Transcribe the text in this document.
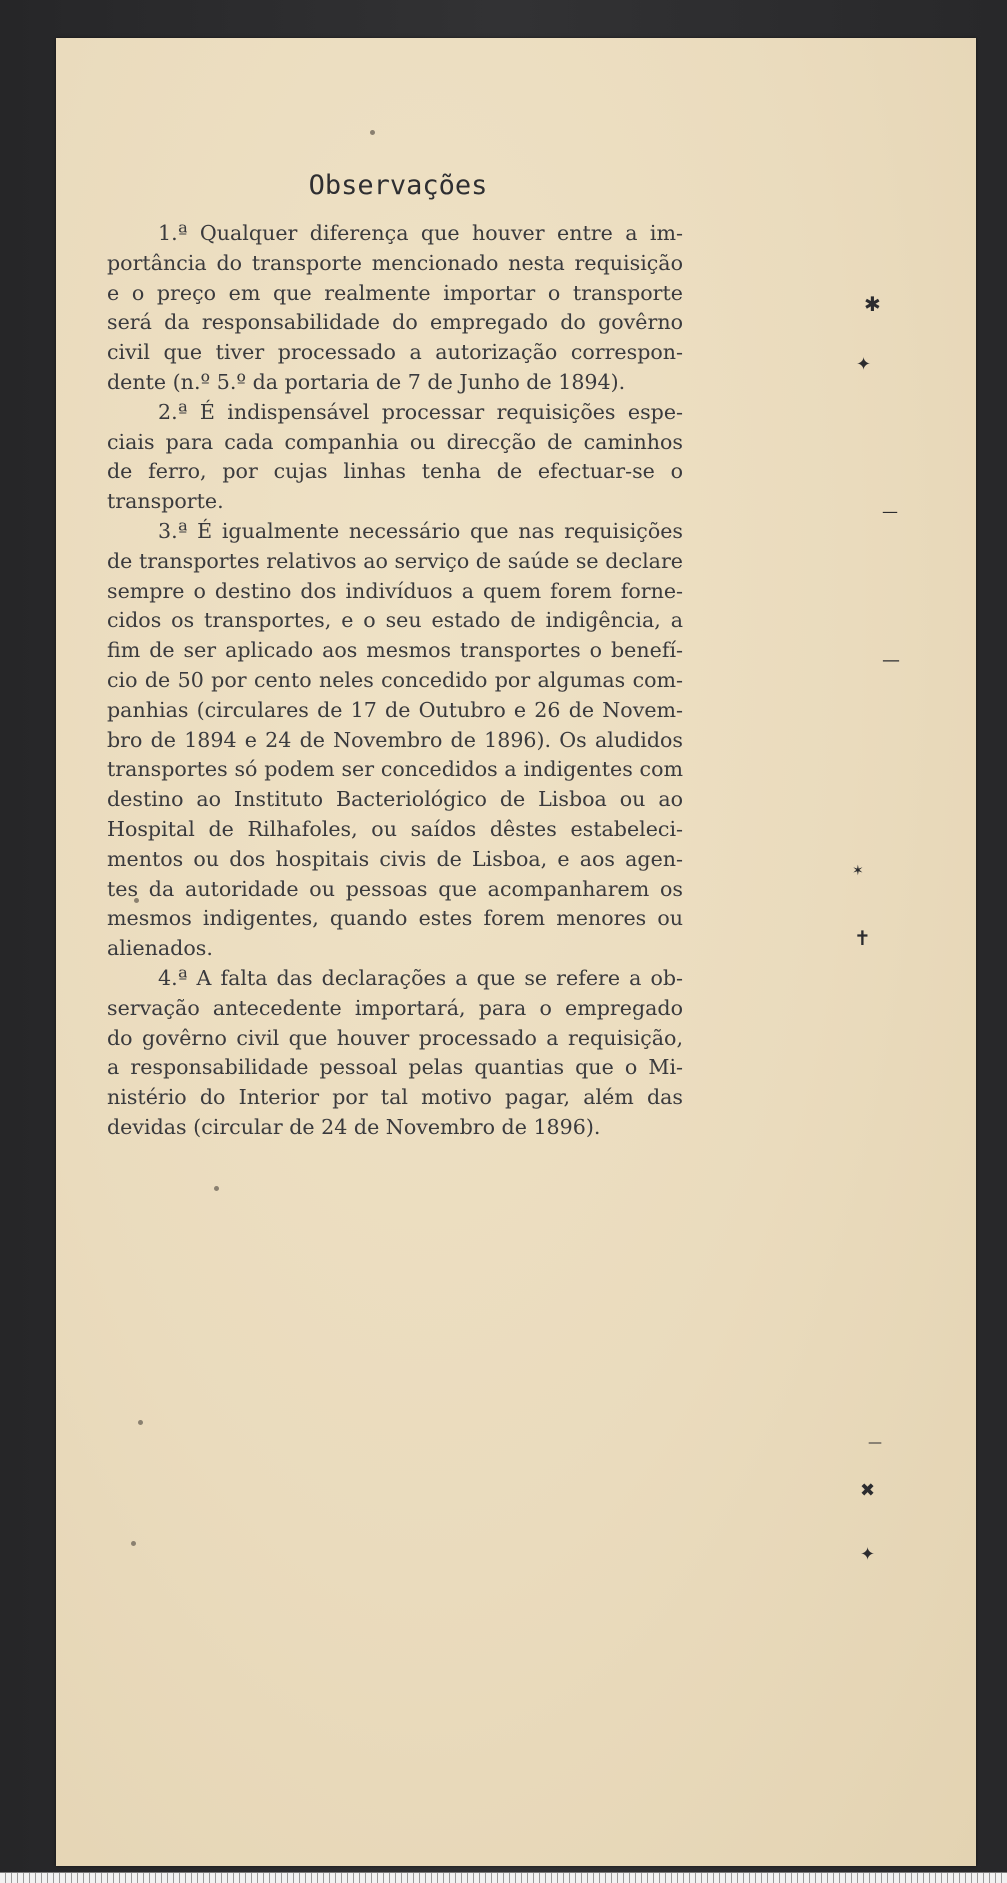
✱
✦
—
—
✶
✝
—
✖
✦
Observações
1.ª Qualquer diferença que houver entre a im-
portância do transporte mencionado nesta requisição
e o preço em que realmente importar o transporte
será da responsabilidade do empregado do govêrno
civil que tiver processado a autorização correspon-
dente (n.º 5.º da portaria de 7 de Junho de 1894).
2.ª É indispensável processar requisições espe-
ciais para cada companhia ou direcção de caminhos
de ferro, por cujas linhas tenha de efectuar-se o
transporte.
3.ª É igualmente necessário que nas requisições
de transportes relativos ao serviço de saúde se declare
sempre o destino dos indivíduos a quem forem forne-
cidos os transportes, e o seu estado de indigência, a
fim de ser aplicado aos mesmos transportes o benefí-
cio de 50 por cento neles concedido por algumas com-
panhias (circulares de 17 de Outubro e 26 de Novem-
bro de 1894 e 24 de Novembro de 1896). Os aludidos
transportes só podem ser concedidos a indigentes com
destino ao Instituto Bacteriológico de Lisboa ou ao
Hospital de Rilhafoles, ou saídos dêstes estabeleci-
mentos ou dos hospitais civis de Lisboa, e aos agen-
tes da autoridade ou pessoas que acompanharem os
mesmos indigentes, quando estes forem menores ou
alienados.
4.ª A falta das declarações a que se refere a ob-
servação antecedente importará, para o empregado
do govêrno civil que houver processado a requisição,
a responsabilidade pessoal pelas quantias que o Mi-
nistério do Interior por tal motivo pagar, além das
devidas (circular de 24 de Novembro de 1896).
